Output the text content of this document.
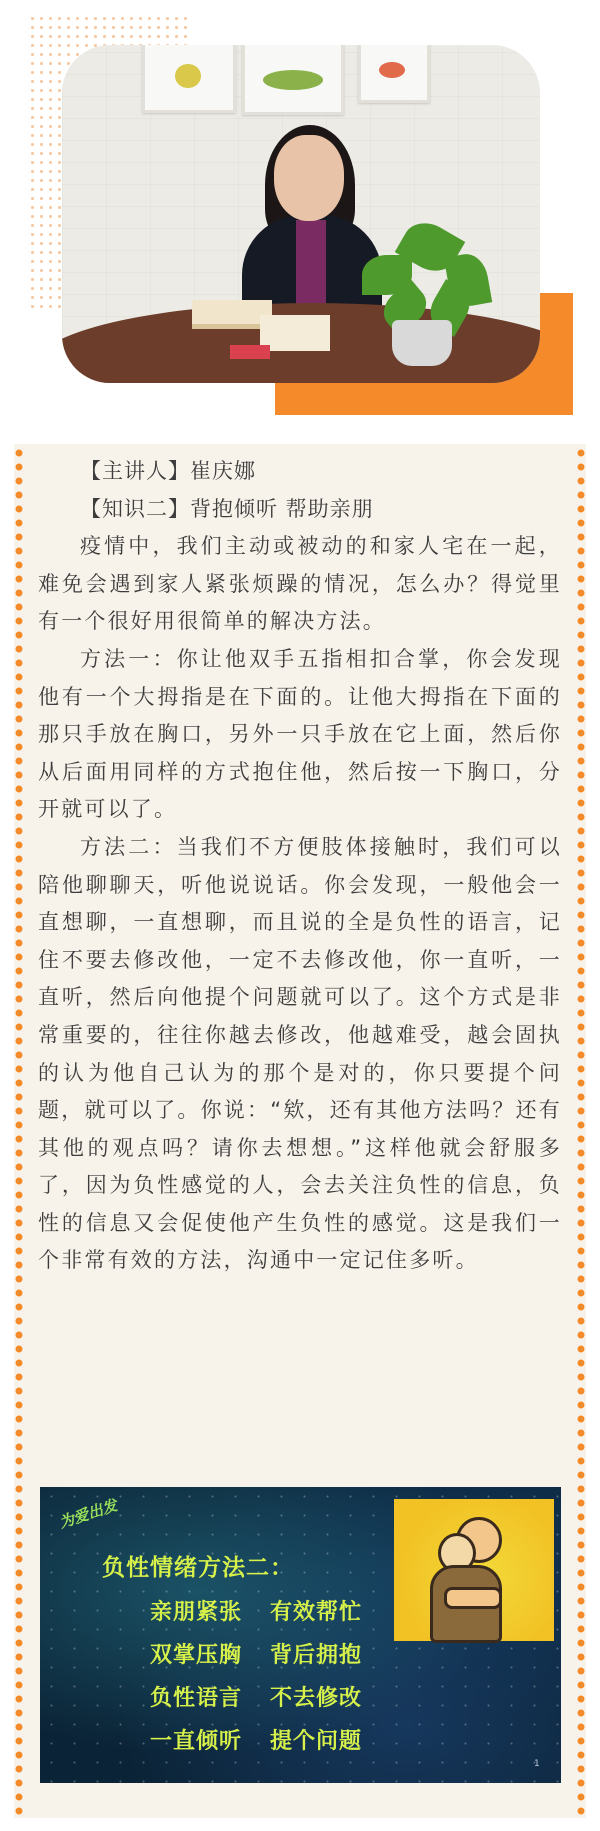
【主讲人】崔庆娜

【知识二】背抱倾听 帮助亲朋

疫情中，我们主动或被动的和家人宅在一起，难免会遇到家人紧张烦躁的情况，怎么办？得觉里有一个很好用很简单的解决方法。

方法一：你让他双手五指相扣合掌，你会发现他有一个大拇指是在下面的。让他大拇指在下面的那只手放在胸口，另外一只手放在它上面，然后你从后面用同样的方式抱住他，然后按一下胸口，分开就可以了。

方法二：当我们不方便肢体接触时，我们可以陪他聊聊天，听他说说话。你会发现，一般他会一直想聊，一直想聊，而且说的全是负性的语言，记住不要去修改他，一定不去修改他，你一直听，一直听，然后向他提个问题就可以了。这个方式是非常重要的，往往你越去修改，他越难受，越会固执的认为他自己认为的那个是对的，你只要提个问题，就可以了。你说：“欸，还有其他方法吗？还有其他的观点吗？请你去想想。”这样他就会舒服多了，因为负性感觉的人，会去关注负性的信息，负性的信息又会促使他产生负性的感觉。这是我们一个非常有效的方法，沟通中一定记住多听。

为爱出发
负性情绪方法二：
亲朋紧张 有效帮忙
双掌压胸 背后拥抱
负性语言 不去修改
一直倾听 提个问题
1
